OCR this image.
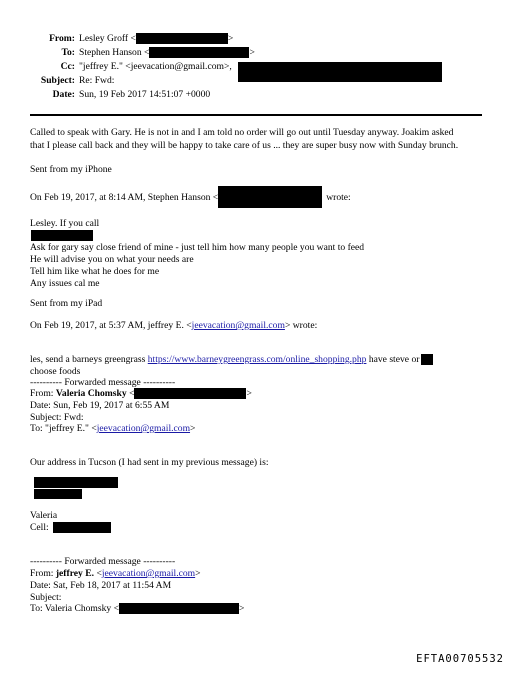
From: Lesley Groff <	>
To: Stephen Hanson <	>
Cc: "jeffrey E." <jeevacation@gmail.com>,
Subject: Re: Fwd:
Date: Sun, 19 Feb 2017 14:51:07 +0000
Called to speak with Gary. He is not in and I am told no order will go out until Tuesday anyway. Joakim asked
that I please call back and they will be happy to take care of us ... they are super busy now with Sunday brunch.
Sent from my iPhone
On Feb 19, 2017, at 8:14 AM, Stephen Hanson <	wrote:
Lesley. If you call
Ask for gary say close friend of mine - just tell him how many people you want to feed
He will advise you on what your needs are
Tell him like what he does for me
Any issues cal me
Sent from my iPad
On Feb 19, 2017, at 5:37 AM, jeffrey E. <jeevacation@gmail.com> wrote:
les, send a barneys greengrass https://www.barneygreengrass.com/online_shopping.php have steve or
choose foods
---------- Forwarded message ----------
From: Valeria Chomsky <	>
Date: Sun, Feb 19, 2017 at 6:55 AM
Subject: Fwd:
To: "jeffrey E." <jeevacation@gmail.com>
Our address in Tucson (I had sent in my previous message) is:
Valeria
Cell:
---------- Forwarded message ----------
From: jeffrey E. <jeevacation@gmail.com>
Date: Sat, Feb 18, 2017 at 11:54 AM
Subject:
To: Valeria Chomsky <	>
EFTA00705532
